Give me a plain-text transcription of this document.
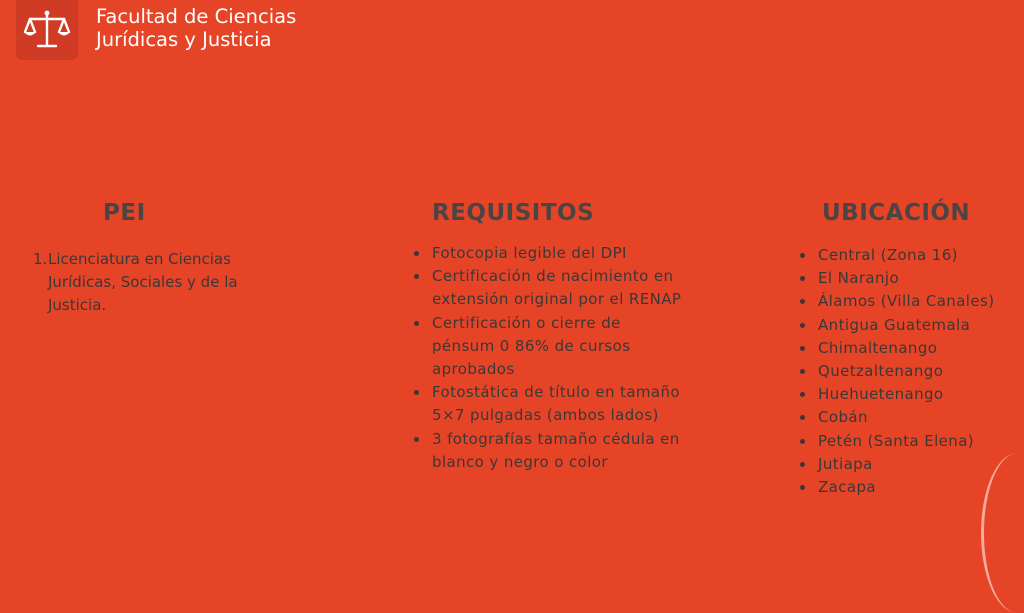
Facultad de Ciencias
Jurídicas y Justicia
PEI
1. Licenciatura en Ciencias Jurídicas, Sociales y de la Justicia.
REQUISITOS
Fotocopia legible del DPI
Certificación de nacimiento en extensión original por el RENAP
Certificación o cierre de pénsum 0 86% de cursos aprobados
Fotostática de título en tamaño 5×7 pulgadas (ambos lados)
3 fotografías tamaño cédula en blanco y negro o color
UBICACIÓN
Central (Zona 16)
El Naranjo
Álamos (Villa Canales)
Antigua Guatemala
Chimaltenango
Quetzaltenango
Huehuetenango
Cobán
Petén (Santa Elena)
Jutiapa
Zacapa
